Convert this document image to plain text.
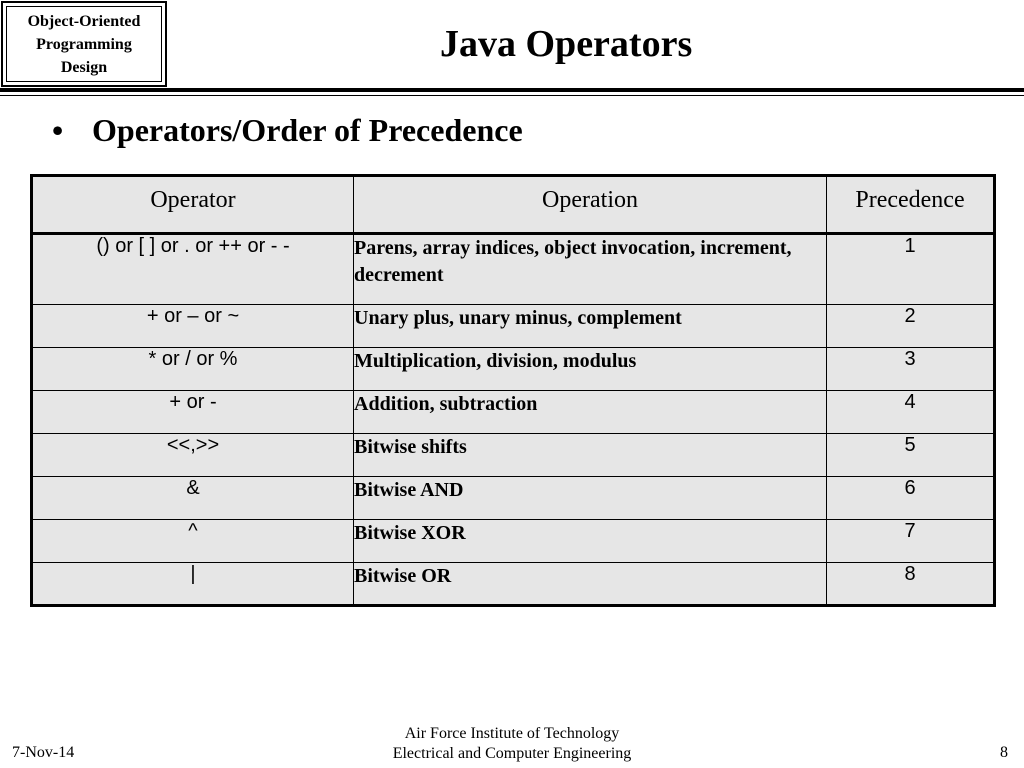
Object-Oriented
Programming
Design
Java Operators
• Operators/Order of Precedence
Operator	Operation	Precedence
() or [ ] or . or ++ or - -	Parens, array indices, object invocation, increment, decrement	1
+ or – or ~	Unary plus, unary minus, complement	2
* or / or %	Multiplication, division, modulus	3
+ or -	Addition, subtraction	4
<<,>>	Bitwise shifts	5
&	Bitwise AND	6
^	Bitwise XOR	7
|	Bitwise OR	8
7-Nov-14
Air Force Institute of Technology
Electrical and Computer Engineering	8
